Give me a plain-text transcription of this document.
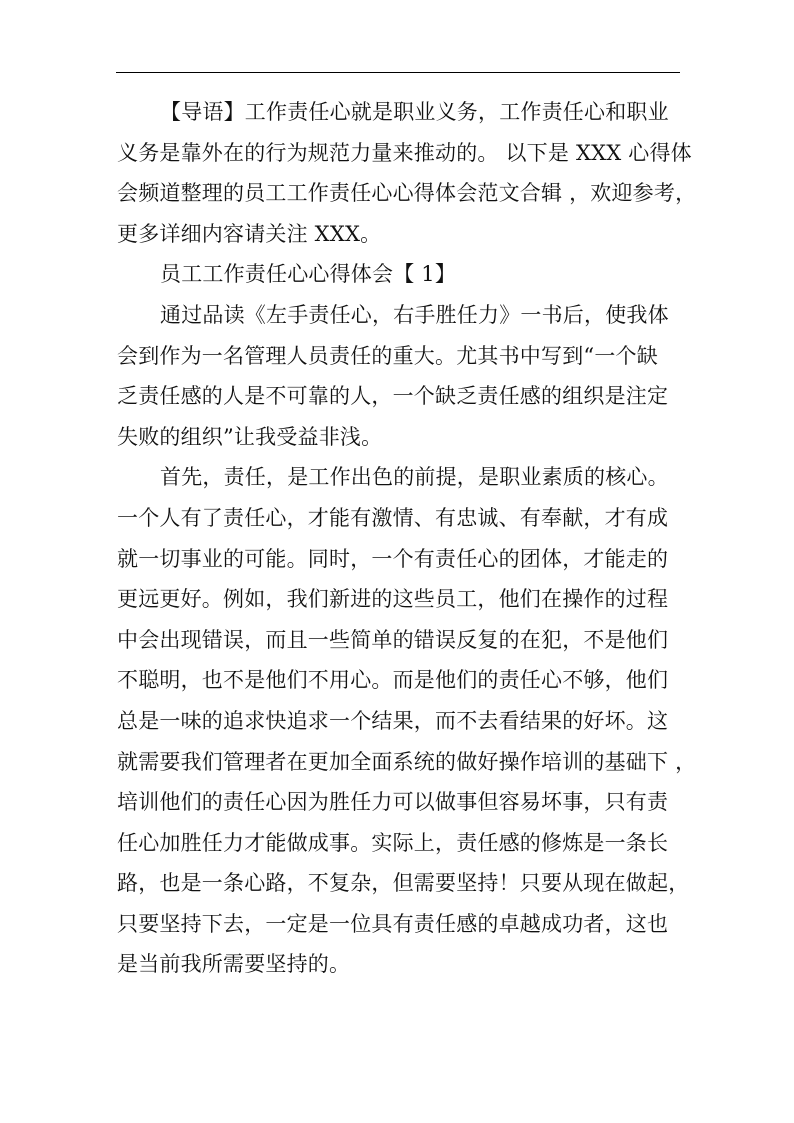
【导语】工作责任心就是职业义务，工作责任心和职业
义务是靠外在的行为规范力量来推动的。 以下是 XXX 心得体
会频道整理的员工工作责任心心得体会范文合辑 ，欢迎参考，
更多详细内容请关注 XXX。
员工工作责任心心得体会【 1】
通过品读《左手责任心，右手胜任力》一书后，使我体
会到作为一名管理人员责任的重大。尤其书中写到“一个缺
乏责任感的人是不可靠的人，一个缺乏责任感的组织是注定
失败的组织”让我受益非浅。
首先，责任，是工作出色的前提，是职业素质的核心。
一个人有了责任心，才能有激情、有忠诚、有奉献，才有成
就一切事业的可能。同时，一个有责任心的团体，才能走的
更远更好。例如，我们新进的这些员工，他们在操作的过程
中会出现错误，而且一些简单的错误反复的在犯，不是他们
不聪明，也不是他们不用心。而是他们的责任心不够，他们
总是一味的追求快追求一个结果，而不去看结果的好坏。这
就需要我们管理者在更加全面系统的做好操作培训的基础下 ，
培训他们的责任心因为胜任力可以做事但容易坏事，只有责
任心加胜任力才能做成事。实际上，责任感的修炼是一条长
路，也是一条心路，不复杂，但需要坚持！只要从现在做起，
只要坚持下去，一定是一位具有责任感的卓越成功者，这也
是当前我所需要坚持的。
